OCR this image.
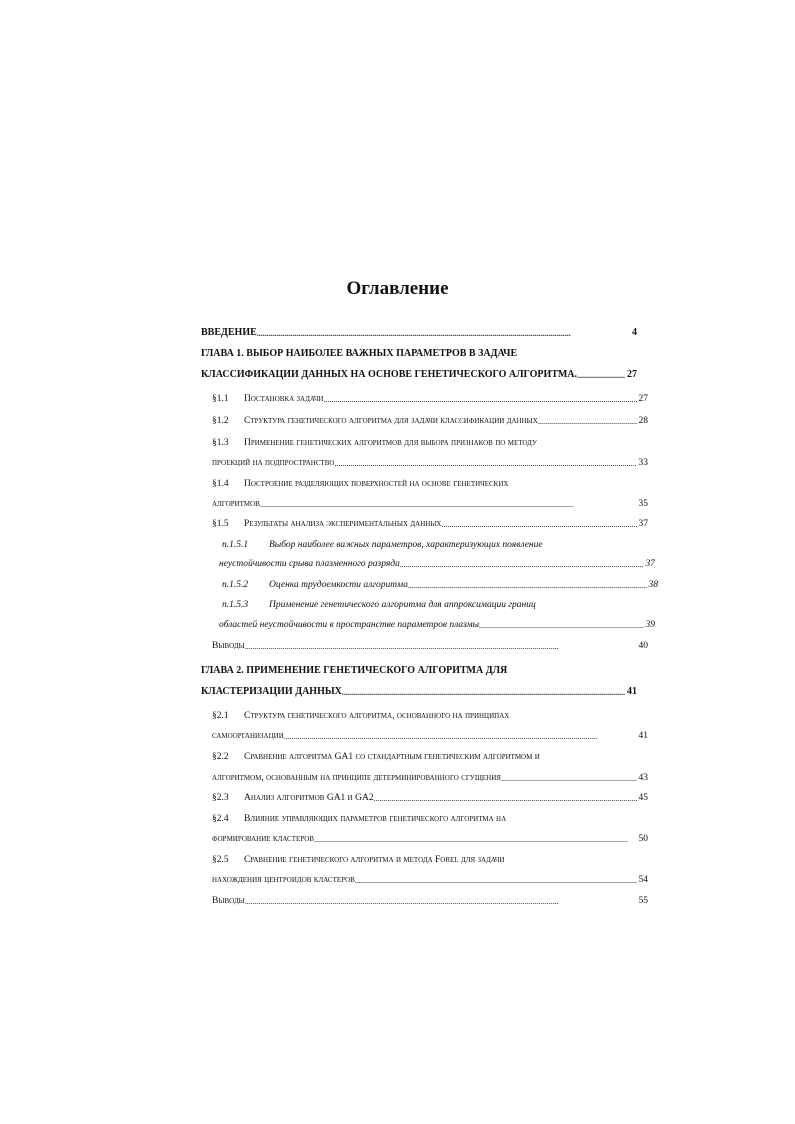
Оглавление
ВВЕДЕНИЕ . . .	4
ГЛАВА 1. ВЫБОР НАИБОЛЕЕ ВАЖНЫХ ПАРАМЕТРОВ В ЗАДАЧЕ
КЛАССИФИКАЦИИ ДАННЫХ НА ОСНОВЕ ГЕНЕТИЧЕСКОГО АЛГОРИТМА. . . .	27
§1.1 Постановка задачи . . .	27
§1.2 Структура генетического алгоритма для задачи классификации данных . . .	28
§1.3 Применение генетических алгоритмов для выбора признаков по методу
проекций на подпространство . . .	33
§1.4 Построение разделяющих поверхностей на основе генетических
алгоритмов . . .	35
§1.5 Результаты анализа экспериментальных данных . . .	37
п.1.5.1 Выбор наиболее важных параметров, характеризующих появление
неустойчивости срыва плазменного разряда . . .	37
п.1.5.2 Оценка трудоемкости алгоритма . . .	38
п.1.5.3 Применение генетического алгоритма для аппроксимации границ
областей неустойчивости в пространстве параметров плазмы . . .	39
Выводы . . .	40
ГЛАВА 2. ПРИМЕНЕНИЕ ГЕНЕТИЧЕСКОГО АЛГОРИТМА ДЛЯ
КЛАСТЕРИЗАЦИИ ДАННЫХ . . .	41
§2.1 Структура генетического алгоритма, основанного на принципах
самоорганизации . . .	41
§2.2 Сравнение алгоритма GA1 со стандартным генетическим алгоритмом и
алгоритмом, основанным на принципе детерминированного сгущения . . .	43
§2.3 Анализ алгоритмов GA1 и GA2 . . .	45
§2.4 Влияние управляющих параметров генетического алгоритма на
формирование кластеров . . .	50
§2.5 Сравнение генетического алгоритма и метода Forel для задачи
нахождения центроидов кластеров . . .	54
Выводы . . .	55
